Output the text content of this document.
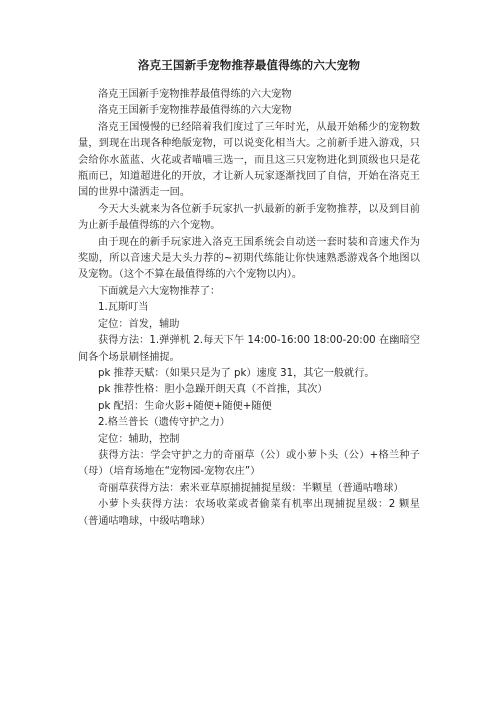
洛克王国新手宠物推荐最值得练的六大宠物

洛克王国新手宠物推荐最值得练的六大宠物

洛克王国新手宠物推荐最值得练的六大宠物

洛克王国慢慢的已经陪着我们度过了三年时光，从最开始稀少的宠物数量，到现在出现各种绝版宠物，可以说变化相当大。之前新手进入游戏，只会给你水蓝蓝、火花或者喵喵三选一，而且这三只宠物进化到顶级也只是花瓶而已，知道超进化的开放，才让新人玩家逐渐找回了自信，开始在洛克王国的世界中潇洒走一回。

今天大头就来为各位新手玩家扒一扒最新的新手宠物推荐，以及到目前为止新手最值得练的六个宠物。

由于现在的新手玩家进入洛克王国系统会自动送一套时装和音速犬作为奖励，所以音速犬是大头力荐的~初期代练能让你快速熟悉游戏各个地图以及宠物。（这个不算在最值得练的六个宠物以内）。

下面就是六大宠物推荐了：

1.瓦斯叮当

定位：首发，辅助

获得方法：1.弹弹机 2.每天下午 14:00-16:00 18:00-20:00 在幽暗空间各个场景刷怪捕捉。

pk 推荐天赋：（如果只是为了 pk）速度 31，其它一般就行。

pk 推荐性格：胆小急躁开朗天真（不首推，其次）

pk 配招：生命火影+随便+随便+随便

2.格兰普长（遗传守护之力）

定位：辅助，控制

获得方法：学会守护之力的奇丽草（公）或小萝卜头（公）+格兰种子（母）（培育场地在“宠物园-宠物农庄”）

奇丽草获得方法：索米亚草原捕捉捕捉星级：半颗星（普通咕噜球）

小萝卜头获得方法：农场收菜或者偷菜有机率出现捕捉星级：2 颗星（普通咕噜球，中级咕噜球）
